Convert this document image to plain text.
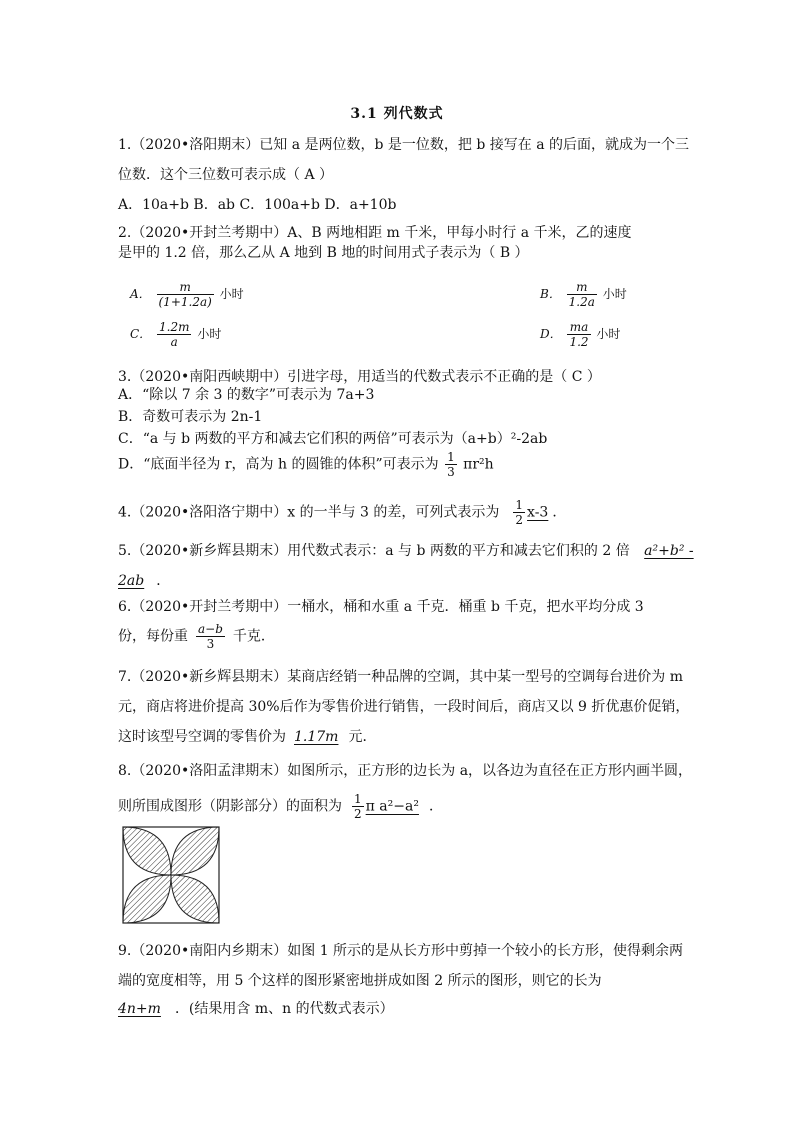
3.1 列代数式
1.（2020•洛阳期末）已知 a 是两位数，b 是一位数，把 b 接写在 a 的后面，就成为一个三
位数．这个三位数可表示成（ A ）
A．10a+b B．ab C．100a+b D．a+10b
2.（2020•开封兰考期中）A、B 两地相距 m 千米，甲每小时行 a 千米，乙的速度
是甲的 1.2 倍，那么乙从 A 地到 B 地的时间用式子表示为（ B ）
A． $\frac{m}{(1+1.2a)}$ 小时	B． $\frac{m}{1.2a}$ 小时
C． $\frac{1.2m}{a}$ 小时	D． $\frac{ma}{1.2}$ 小时
3.（2020•南阳西峡期中）引进字母，用适当的代数式表示不正确的是（ C ）
A．“除以 7 余 3 的数字”可表示为 7a+3
B．奇数可表示为 2n-1
C．“a 与 b 两数的平方和减去它们积的两倍”可表示为（a+b）²-2ab
D．“底面半径为 r，高为 h 的圆锥的体积”可表示为 $\frac{1}{3} \pi r^2h$
4.（2020•洛阳洛宁期中）x 的一半与 3 的差，可列式表示为 $\frac{1}{2} x-3$ ．
5.（2020•新乡辉县期末）用代数式表示：a 与 b 两数的平方和减去它们积的 2 倍 a²+b² -
2ab ．
6.（2020•开封兰考期中）一桶水，桶和水重 a 千克．桶重 b 千克，把水平均分成 3
份，每份重 $\frac{a-b}{3}$ 千克．
7.（2020•新乡辉县期末）某商店经销一种品牌的空调，其中某一型号的空调每台进价为 m
元，商店将进价提高 30%后作为零售价进行销售，一段时间后，商店又以 9 折优惠价促销，
这时该型号空调的零售价为 1.17m 元．
8.（2020•洛阳孟津期末）如图所示，正方形的边长为 a，以各边为直径在正方形内画半圆，
则所围成图形（阴影部分）的面积为 $\frac{1}{2}$ π a²−a² ．
9.（2020•南阳内乡期末）如图 1 所示的是从长方形中剪掉一个较小的长方形，使得剩余两
端的宽度相等，用 5 个这样的图形紧密地拼成如图 2 所示的图形，则它的长为
4n+m ．(结果用含 m、n 的代数式表示）
